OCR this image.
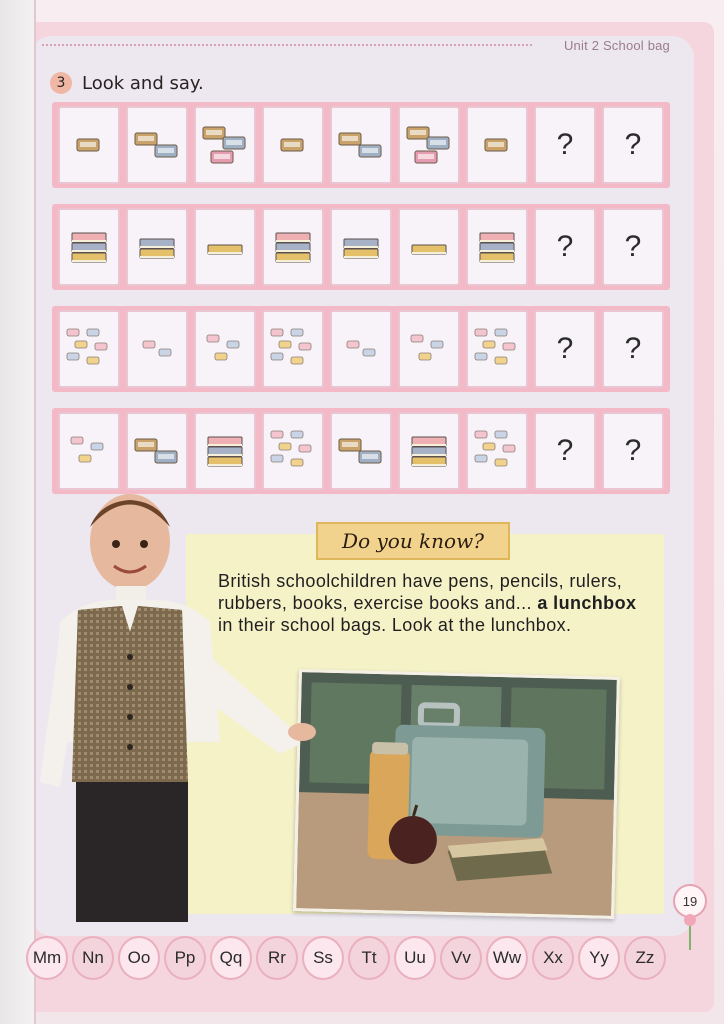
Unit 2 School bag
3 Look and say.
?	?
?	?
?	?
?	?
Do you know?
British schoolchildren have pens, pencils, rulers, rubbers, books, exercise books and... a lunchbox in their school bags. Look at the lunchbox.
19
Mm	Nn	Oo	Pp	Qq	Rr	Ss	Tt	Uu	Vv	Ww	Xx	Yy	Zz
